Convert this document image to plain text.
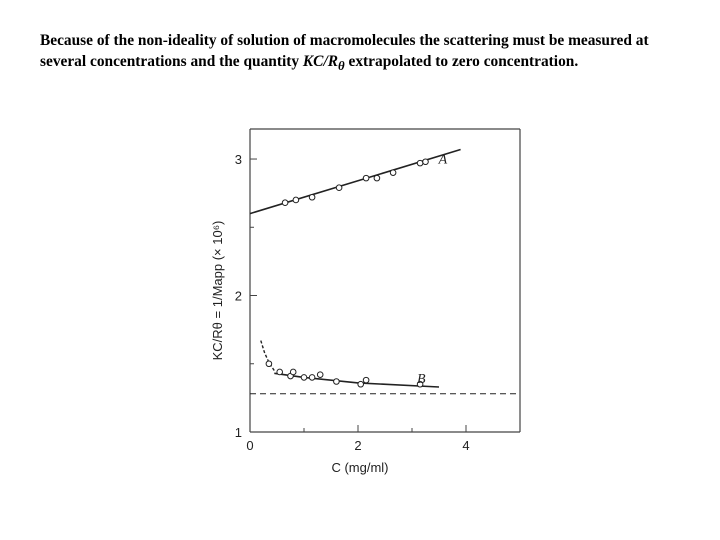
Because of the non-ideality of solution of macromolecules the scattering must be measured at several concentrations and the quantity $KC/R_\theta$ extrapolated to zero concentration.
1
2
3
0	2	4
C (mg/ml)
KC/Rθ = 1/Mapp (× 10⁶)
A
B
